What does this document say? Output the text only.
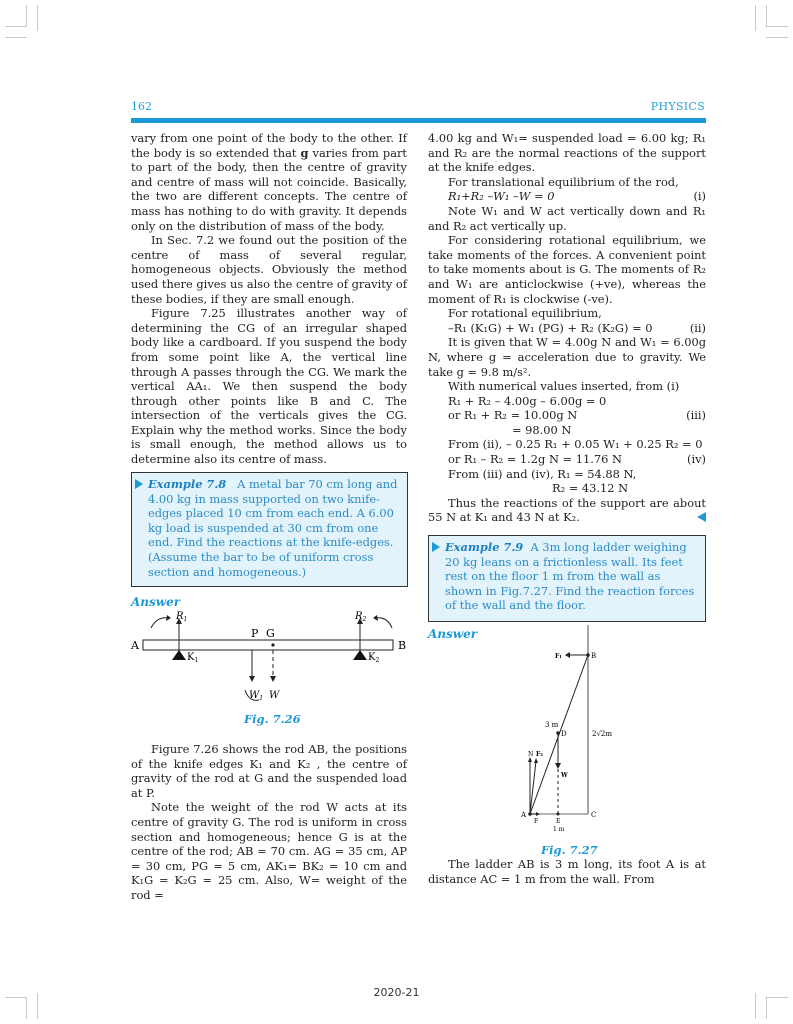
162	PHYSICS

vary from one point of the body to the other. If the body is so extended that g varies from part to part of the body, then the centre of gravity and centre of mass will not coincide. Basically, the two are different concepts. The centre of mass has nothing to do with gravity. It depends only on the distribution of mass of the body.

In Sec. 7.2 we found out the position of the centre of mass of several regular, homogeneous objects. Obviously the method used there gives us also the centre of gravity of these bodies, if they are small enough.

Figure 7.25 illustrates another way of determining the CG of an irregular shaped body like a cardboard. If you suspend the body from some point like A, the vertical line through A passes through the CG. We mark the vertical AA₁. We then suspend the body through other points like B and C. The intersection of the verticals gives the CG. Explain why the method works. Since the body is small enough, the method allows us to determine also its centre of mass.

Example 7.8 A metal bar 70 cm long and 4.00 kg in mass supported on two knife-edges placed 10 cm from each end. A 6.00 kg load is suspended at 30 cm from one end. Find the reactions at the knife-edges. (Assume the bar to be of uniform cross section and homogeneous.)
Answer
A	B
P G
$R_1$
$K_1$
$R_2$
$K_2$
$W_1$ W
Fig. 7.26

Figure 7.26 shows the rod AB, the positions of the knife edges K₁ and K₂ , the centre of gravity of the rod at G and the suspended load at P.

Note the weight of the rod W acts at its centre of gravity G. The rod is uniform in cross section and homogeneous; hence G is at the centre of the rod; AB = 70 cm. AG = 35 cm, AP = 30 cm, PG = 5 cm, AK₁= BK₂ = 10 cm and K₁G = K₂G = 25 cm. Also, W= weight of the rod =

4.00 kg and W₁= suspended load = 6.00 kg; R₁ and R₂ are the normal reactions of the support at the knife edges.

For translational equilibrium of the rod,

R₁+R₂ –W₁ –W = 0	(i)

Note W₁ and W act vertically down and R₁ and R₂ act vertically up.

For considering rotational equilibrium, we take moments of the forces. A convenient point to take moments about is G. The moments of R₂ and W₁ are anticlockwise (+ve), whereas the moment of R₁ is clockwise (-ve).

For rotational equilibrium,

–R₁ (K₁G) + W₁ (PG) + R₂ (K₂G) = 0	(ii)

It is given that W = 4.00g N and W₁ = 6.00g N, where g = acceleration due to gravity. We take g = 9.8 m/s².

With numerical values inserted, from (i)

R₁ + R₂ – 4.00g – 6.00g = 0
or R₁ + R₂ = 10.00g N	(iii)
= 98.00 N
From (ii), – 0.25 R₁ + 0.05 W₁ + 0.25 R₂ = 0
or R₁ – R₂ = 1.2g N = 11.76 N	(iv)
From (iii) and (iv), R₁ = 54.88 N,
R₂ = 43.12 N

Thus the reactions of the support are about 55 N at K₁ and 43 N at K₂.

Example 7.9 A 3m long ladder weighing 20 kg leans on a frictionless wall. Its feet rest on the floor 1 m from the wall as shown in Fig.7.27. Find the reaction forces of the wall and the floor.
Answer
F₁	B
3 m
D	2√2m
W
N F₂
A
F	E
C
1 m
Fig. 7.27

The ladder AB is 3 m long, its foot A is at distance AC = 1 m from the wall. From

2020-21
